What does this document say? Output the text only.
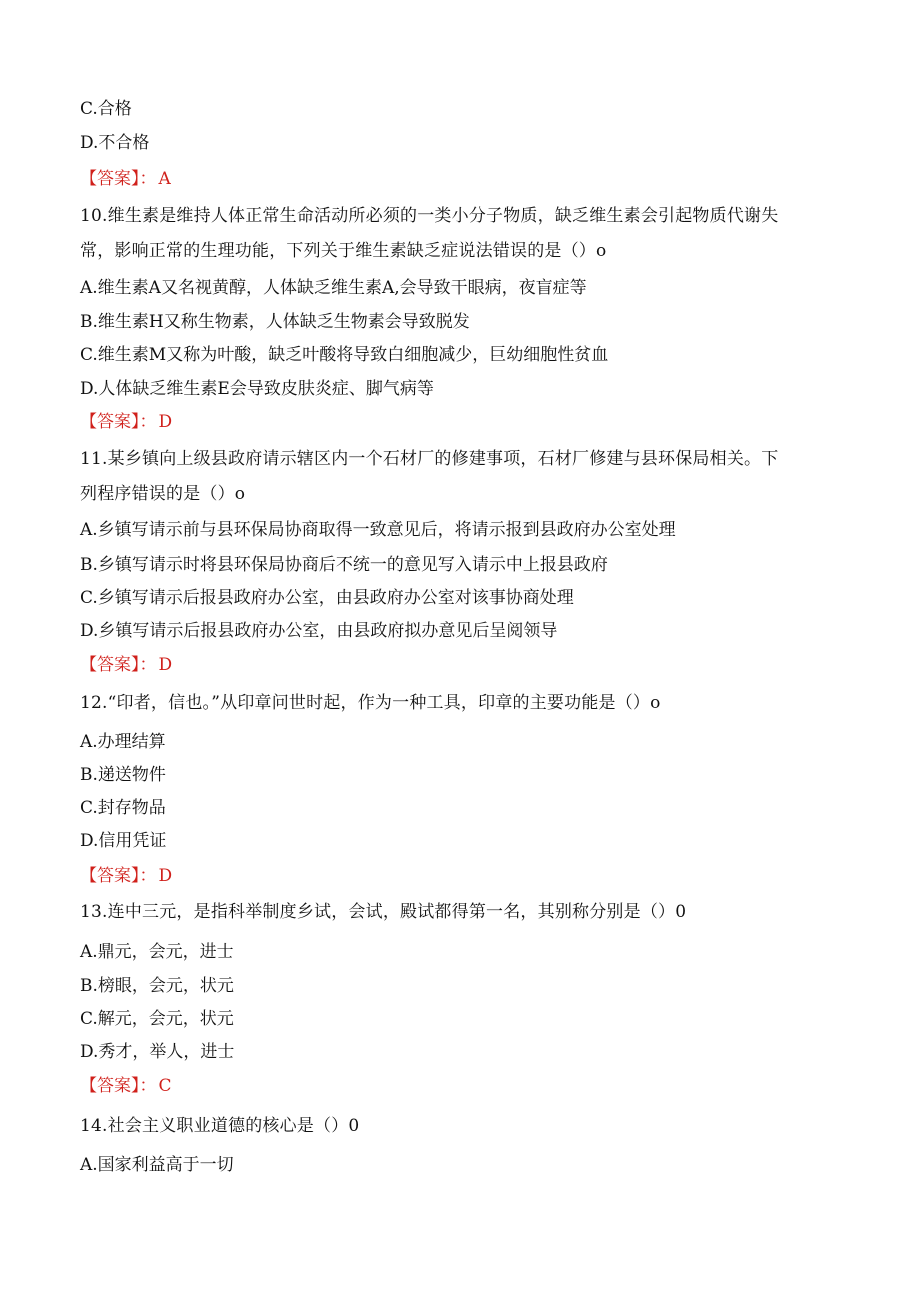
C.合格
D.不合格
【答案】： A
10.维生素是维持人体正常生命活动所必须的一类小分子物质，缺乏维生素会引起物质代谢失
常，影响正常的生理功能，下列关于维生素缺乏症说法错误的是（）o
A.维生素A又名视黄醇，人体缺乏维生素A,会导致干眼病，夜盲症等
B.维生素H又称生物素，人体缺乏生物素会导致脱发
C.维生素M又称为叶酸，缺乏叶酸将导致白细胞减少，巨幼细胞性贫血
D.人体缺乏维生素E会导致皮肤炎症、脚气病等
【答案】： D
11.某乡镇向上级县政府请示辖区内一个石材厂的修建事项，石材厂修建与县环保局相关。下
列程序错误的是（）o
A.乡镇写请示前与县环保局协商取得一致意见后，将请示报到县政府办公室处理
B.乡镇写请示时将县环保局协商后不统一的意见写入请示中上报县政府
C.乡镇写请示后报县政府办公室，由县政府办公室对该事协商处理
D.乡镇写请示后报县政府办公室，由县政府拟办意见后呈阅领导
【答案】： D
12.“印者，信也。”从印章问世时起，作为一种工具，印章的主要功能是（）o
A.办理结算
B.递送物件
C.封存物品
D.信用凭证
【答案】： D
13.连中三元，是指科举制度乡试，会试，殿试都得第一名，其别称分别是（）0
A.鼎元，会元，进士
B.榜眼，会元，状元
C.解元，会元，状元
D.秀才，举人，进士
【答案】： C
14.社会主义职业道德的核心是（）0
A.国家利益高于一切
